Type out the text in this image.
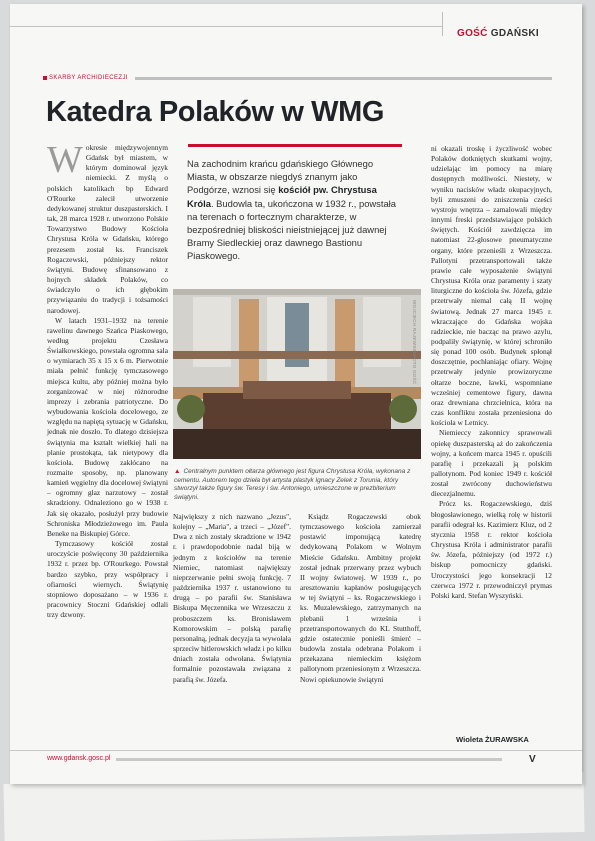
GOŚĆ GDAŃSKI
SKARBY ARCHIDIECEZJI
Katedra Polaków w WMG

Wokresie międzywojennym Gdańsk był miastem, w którym dominował język niemiecki. Z myślą o polskich katolikach bp Edward O'Rourke zalecił utworzenie dedykowanej struktur duszpasterskich. I tak, 28 marca 1928 r. utworzono Polskie Towarzystwo Budowy Kościoła Chrystusa Króla w Gdańsku, którego prezesem został ks. Franciszek Rogaczewski, późniejszy rektor świątyni. Budowę sfinansowano z hojnych składek Polaków, co świadczyło o ich głębokim przywiązaniu do tradycji i tożsamości narodowej.

W latach 1931–1932 na terenie rawelinu dawnego Szańca Piaskowego, według projektu Czesława Świałkowskiego, powstała ogromna sala o wymiarach 35 x 15 x 6 m. Pierwotnie miała pełnić funkcję tymczasowego miejsca kultu, aby później można było zorganizować w niej różnorodne imprezy i zebrania patriotyczne. Do wybudowania kościoła docelowego, ze względu na napiętą sytuację w Gdańsku, jednak nie doszło. To dlatego dzisiejsza świątynia ma kształt wielkiej hali na planie prostokąta, tak nietypowy dla kościoła. Budowę zakłócano na rozmaite sposoby, np. planowany kamień węgielny dla docelowej świątyni – ogromny głaz narzutowy – został skradziony. Odnaleziono go w 1938 r. Jak się okazało, posłużył przy budowie Schroniska Młodzieżowego im. Paula Beneke na Biskupiej Górce.

Tymczasowy kościół został uroczyście poświęcony 30 października 1932 r. przez bp. O'Rourkego. Powstał bardzo szybko, przy współpracy i ofiarności wiernych. Świątynię stopniowo doposażano – w 1936 r. pracownicy Stoczni Gdańskiej odlali trzy dzwony.

Na zachodnim krańcu gdańskiego Głównego Miasta, w obszarze niegdyś znanym jako Podgórze, wznosi się kościół pw. Chrystusa Króla. Budowla ta, ukończona w 1932 r., powstała na terenach o fortecznym charakterze, w bezpośredniej bliskości nieistniejącej już dawnej Bramy Siedleckiej oraz dawnego Bastionu Piaskowego.
WOJCIECH RAJEWSKI/FOTO GOŚĆ
▲ Centralnym punktem ołtarza głównego jest figura Chrystusa Króla, wykonana z cementu. Autorem tego dzieła był artysta plastyk Ignacy Zelek z Torunia, który stworzył także figury św. Teresy i św. Antoniego, umieszczone w prezbiterium świątyni.

Największy z nich nazwano „Jezus", kolejny – „Maria", a trzeci – „Józef". Dwa z nich zostały skradzione w 1942 r. i prawdopodobnie nadal biją w jednym z kościołów na terenie Niemiec, natomiast największy nieprzerwanie pełni swoją funkcję. 7 października 1937 r. ustanowiono tu drugą – po parafii św. Stanisława Biskupa Męczennika we Wrzeszczu z proboszczem ks. Bronisławem Komorowskim – polską parafię personalną, jednak decyzja ta wywołała sprzeciw hitlerowskich władz i po kilku dniach została odwołana. Świątynia formalnie pozostawała związana z parafią św. Józefa.

Ksiądz Rogaczewski obok tymczasowego kościoła zamierzał postawić imponującą katedrę dedykowaną Polakom w Wolnym Mieście Gdańsku. Ambitny projekt został jednak przerwany przez wybuch II wojny światowej. W 1939 r., po aresztowaniu kapłanów posługujących w tej świątyni – ks. Rogaczewskiego i ks. Muzalewskiego, zatrzymanych na plebanii 1 września i przetransportowanych do KL Stutthoff, gdzie ostatecznie ponieśli śmierć – budowla została odebrana Polakom i przekazana niemieckim księżom pallotynom przeniesionym z Wrzeszcza. Nowi opiekunowie świątyni

ni okazali troskę i życzliwość wobec Polaków dotkniętych skutkami wojny, udzielając im pomocy na miarę dostępnych możliwości. Niestety, w wyniku nacisków władz okupacyjnych, byli zmuszeni do zniszczenia cześci wystroju wnętrza – zamalowali między innymi freski przedstawiające polskich świętych. Kościół zawdzięcza im natomiast 22-głosowe pneumatyczne organy, które przenieśli z Wrzeszcza. Pallotyni przetransportowali także prawie całe wyposażenie świątyni Chrystusa Króla oraz paramenty i szaty liturgiczne do kościoła św. Józefa, gdzie przetrwały niemal całą II wojnę światową. Jednak 27 marca 1945 r. wkraczające do Gdańska wojska radzieckie, nie bacząc na prawo azylu, podpaliły świątynię, w której schroniło się ponad 100 osób. Budynek spłonął doszczętnie, pochłaniając ofiary. Wojnę przetrwały jedynie prowizoryczne ołtarze boczne, ławki, wspomniane wcześniej cementowe figury, dawna oraz drewniana chrzcielnica, która na czas konfliktu została przeniesiona do kościoła w Letnicy.

Niemieccy zakonnicy sprawowali opiekę duszpasterską aż do zakończenia wojny, a końcem marca 1945 r. opuścili parafię i przekazali ją polskim pallotynom. Pod koniec 1949 r. kościół został zwrócony duchowieństwu diecezjalnemu.

Prócz ks. Rogaczewskiego, dziś błogosławionego, wielką rolę w historii parafii odegrał ks. Kazimierz Kluz, od 2 stycznia 1958 r. rektor kościoła Chrystusa Króla i administrator parafii św. Józefa, późniejszy (od 1972 r.) biskup pomocniczy gdański. Uroczystości jego konsekracji 12 czerwca 1972 r. przewodniczył prymas Polski kard. Stefan Wyszyński.

Wioleta ŻURAWSKA
www.gdansk.gosc.pl	V
